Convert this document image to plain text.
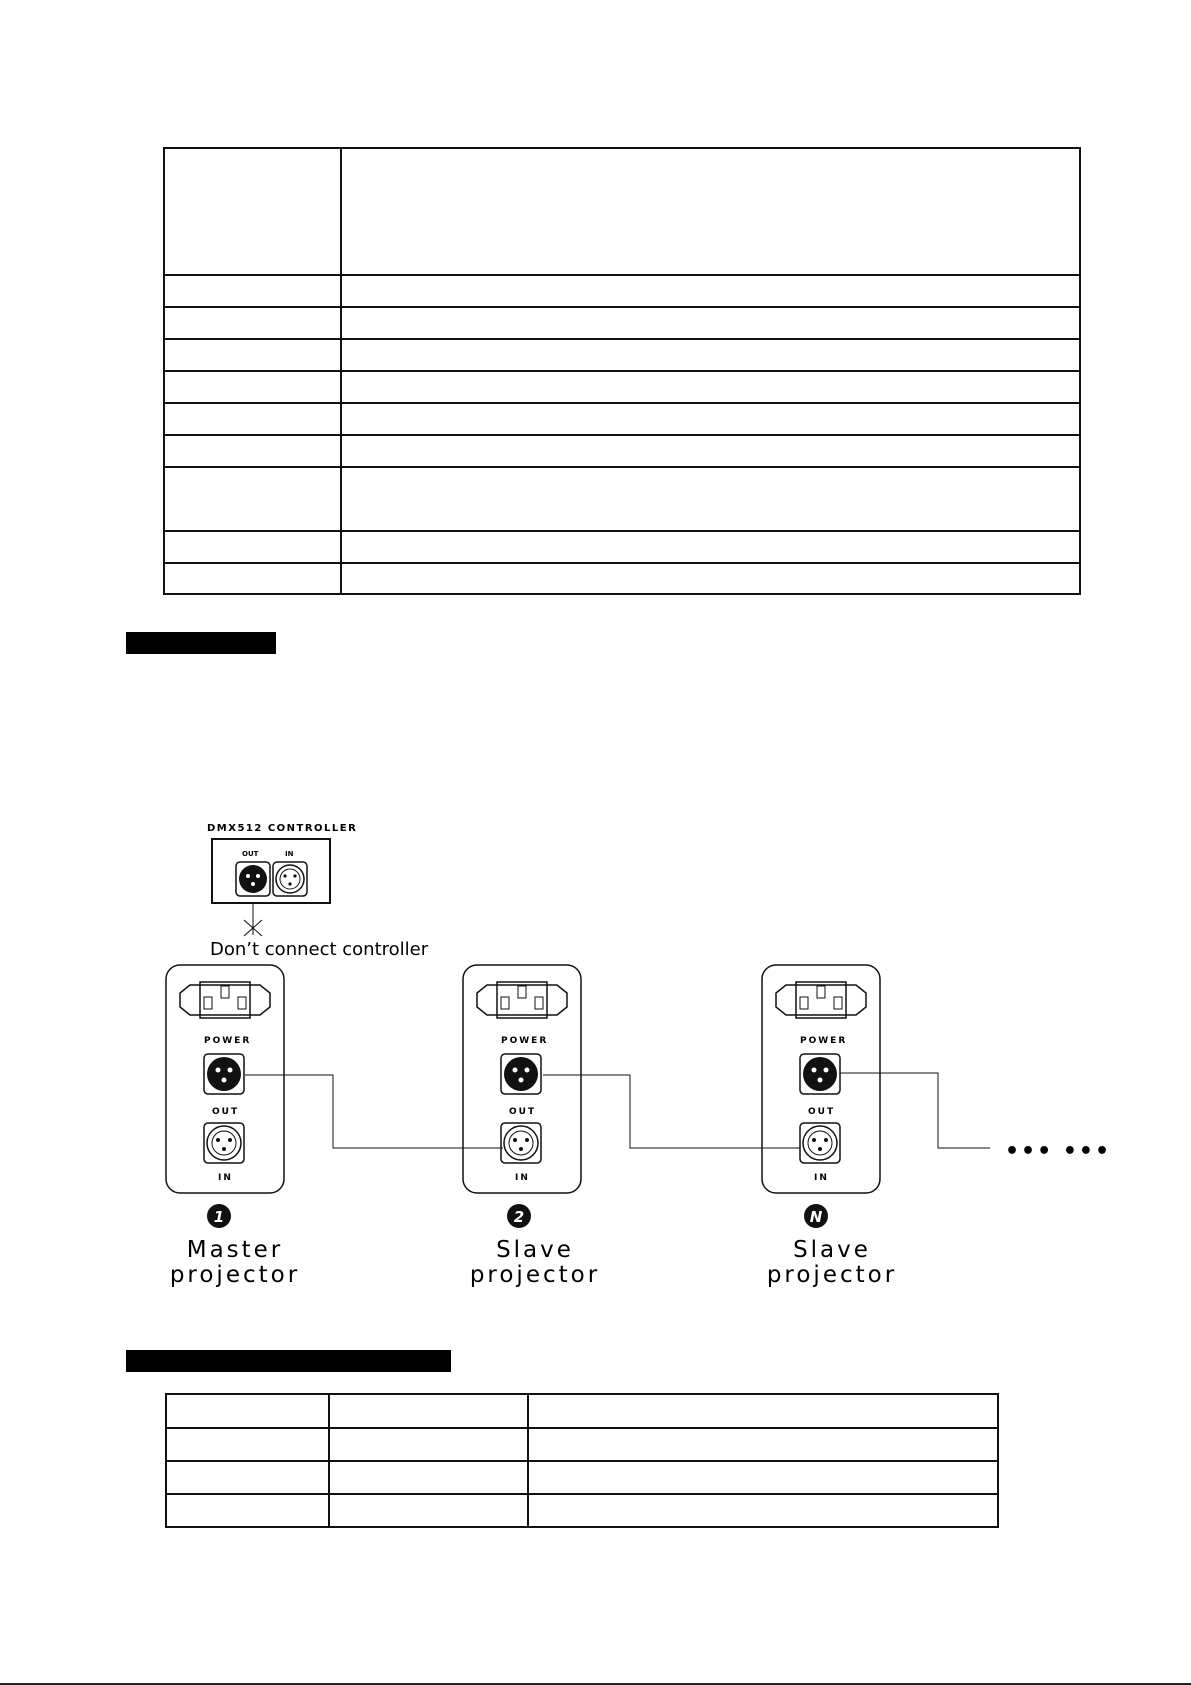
DMX512 CONTROLLER
OUT	IN
Don’t connect controller
POWER
OUT
IN
POWER
OUT
IN
POWER
OUT
IN
••• •••
1
Master
projector
2
Slave
projector
N
Slave
projector
